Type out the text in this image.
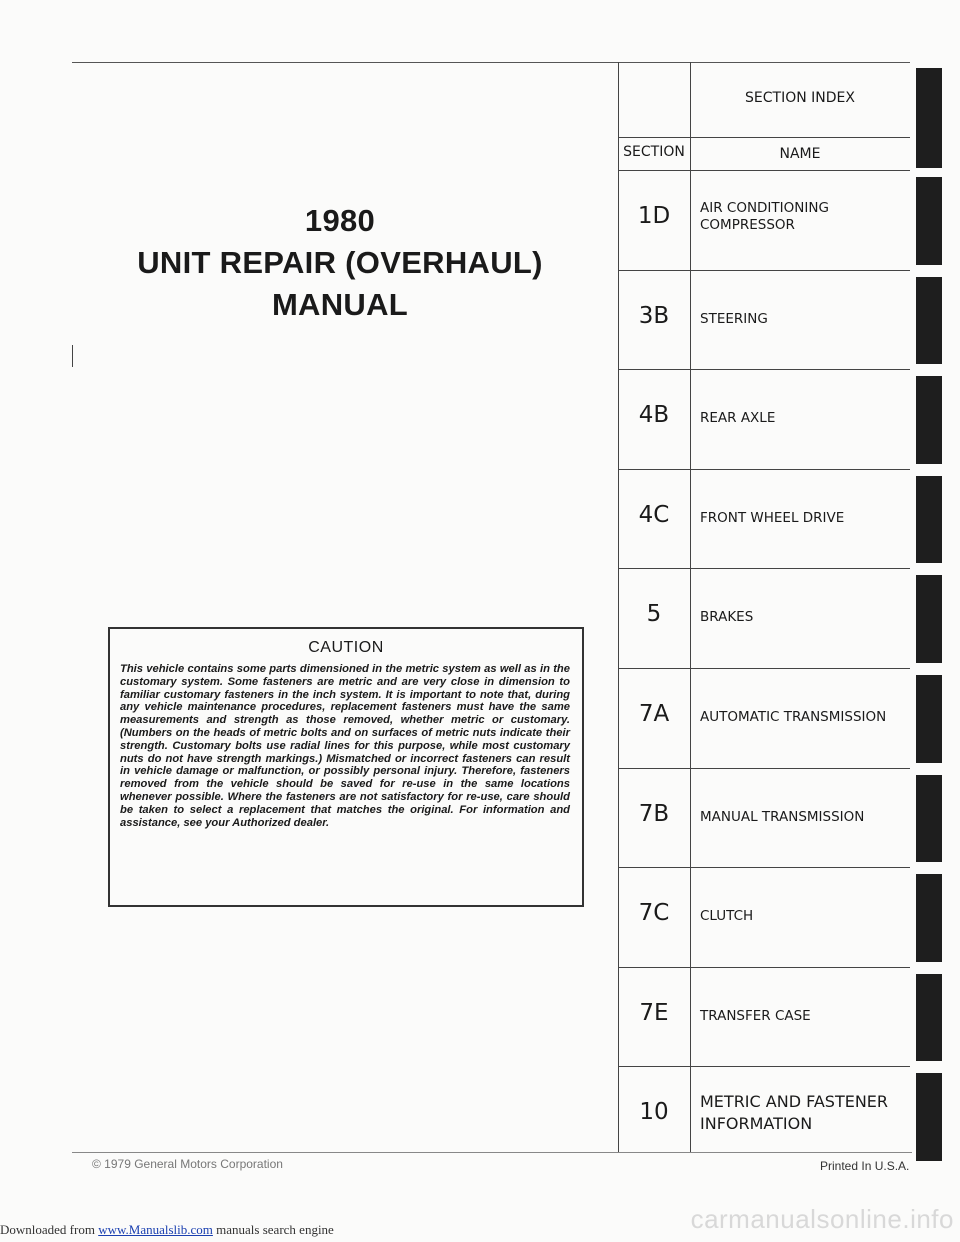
1980
UNIT REPAIR (OVERHAUL)
MANUAL
CAUTION
This vehicle contains some parts dimensioned in the metric system as well as in the customary system. Some fasteners are metric and are very close in dimension to familiar customary fasteners in the inch system. It is important to note that, during any vehicle maintenance procedures, replacement fasteners must have the same measurements and strength as those removed, whether metric or customary. (Numbers on the heads of metric bolts and on surfaces of metric nuts indicate their strength. Customary bolts use radial lines for this purpose, while most customary nuts do not have strength markings.) Mismatched or incorrect fasteners can result in vehicle damage or malfunction, or possibly personal injury. Therefore, fasteners removed from the vehicle should be saved for re-use in the same locations whenever possible. Where the fasteners are not satisfactory for re-use, care should be taken to select a replacement that matches the original. For information and assistance, see your Authorized dealer.
SECTION INDEX
SECTION	NAME
1D	AIR CONDITIONING COMPRESSOR
3B	STEERING
4B	REAR AXLE
4C	FRONT WHEEL DRIVE
5	BRAKES
7A	AUTOMATIC TRANSMISSION
7B	MANUAL TRANSMISSION
7C	CLUTCH
7E	TRANSFER CASE
10	METRIC AND FASTENER INFORMATION
© 1979 General Motors Corporation	Printed In U.S.A.
Downloaded from www.Manualslib.com manuals search engine	carmanualsonline.info
